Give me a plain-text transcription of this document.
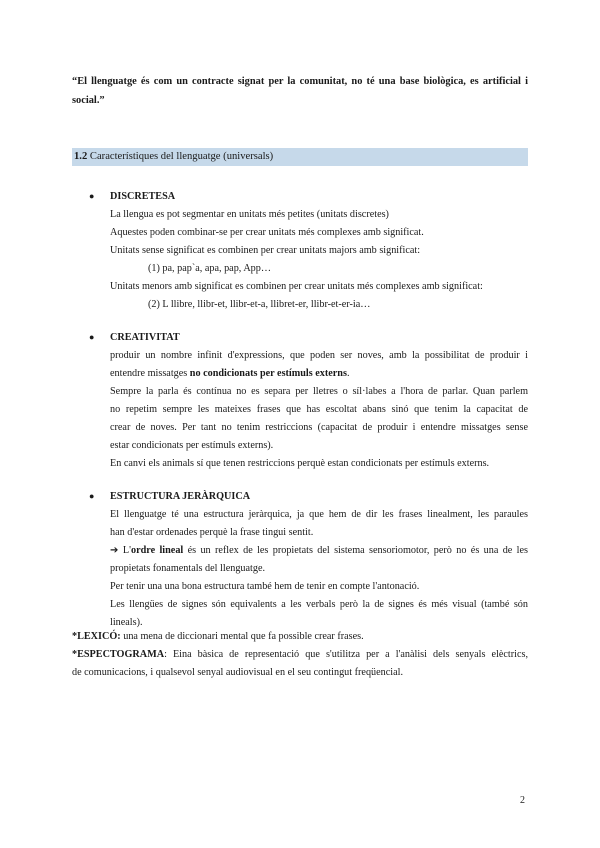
“El llenguatge és com un contracte signat per la comunitat, no té una base biològica, es artificial i social.”
1.2 Característiques del llenguatge (universals)
● DISCRETESA
La llengua es pot segmentar en unitats més petites (unitats discretes)
Aquestes poden combinar-se per crear unitats més complexes amb significat.
Unitats sense significat es combinen per crear unitats majors amb significat:
(1) pa, pap`a, apa, pap, App…
Unitats menors amb significat es combinen per crear unitats més complexes amb significat:
(2) L llibre, llibr-et, llibr-et-a, llibret-er, llibr-et-er-ia…
● CREATIVITAT
produir un nombre infinit d'expressions, que poden ser noves, amb la possibilitat de produir i
entendre missatges no condicionats per estímuls externs.
Sempre la parla és contínua no es separa per lletres o síl·labes a l'hora de parlar. Quan parlem
no repetim sempre les mateixes frases que has escoltat abans sinó que tenim la capacitat de
crear de noves. Per tant no tenim restriccions (capacitat de produir i entendre missatges sense
estar condicionats per estímuls externs).
En canvi els animals sí que tenen restriccions perquè estan condicionats per estímuls externs.
● ESTRUCTURA JERÀRQUICA
El llenguatge té una estructura jeràrquica, ja que hem de dir les frases linealment, les paraules
han d'estar ordenades perquè la frase tingui sentit.
➔ L'ordre lineal és un reflex de les propietats del sistema sensoriomotor, però no és una de les
propietats fonamentals del llenguatge.
Per tenir una una bona estructura també hem de tenir en compte l'antonació.
Les llengües de signes són equivalents a les verbals però la de signes és més visual (també són
lineals).
*LEXICÓ: una mena de diccionari mental que fa possible crear frases.
*ESPECTOGRAMA: Eina bàsica de representació que s'utilitza per a l'anàlisi dels senyals elèctrics,
de comunicacions, i qualsevol senyal audiovisual en el seu contingut freqüencial.
2
